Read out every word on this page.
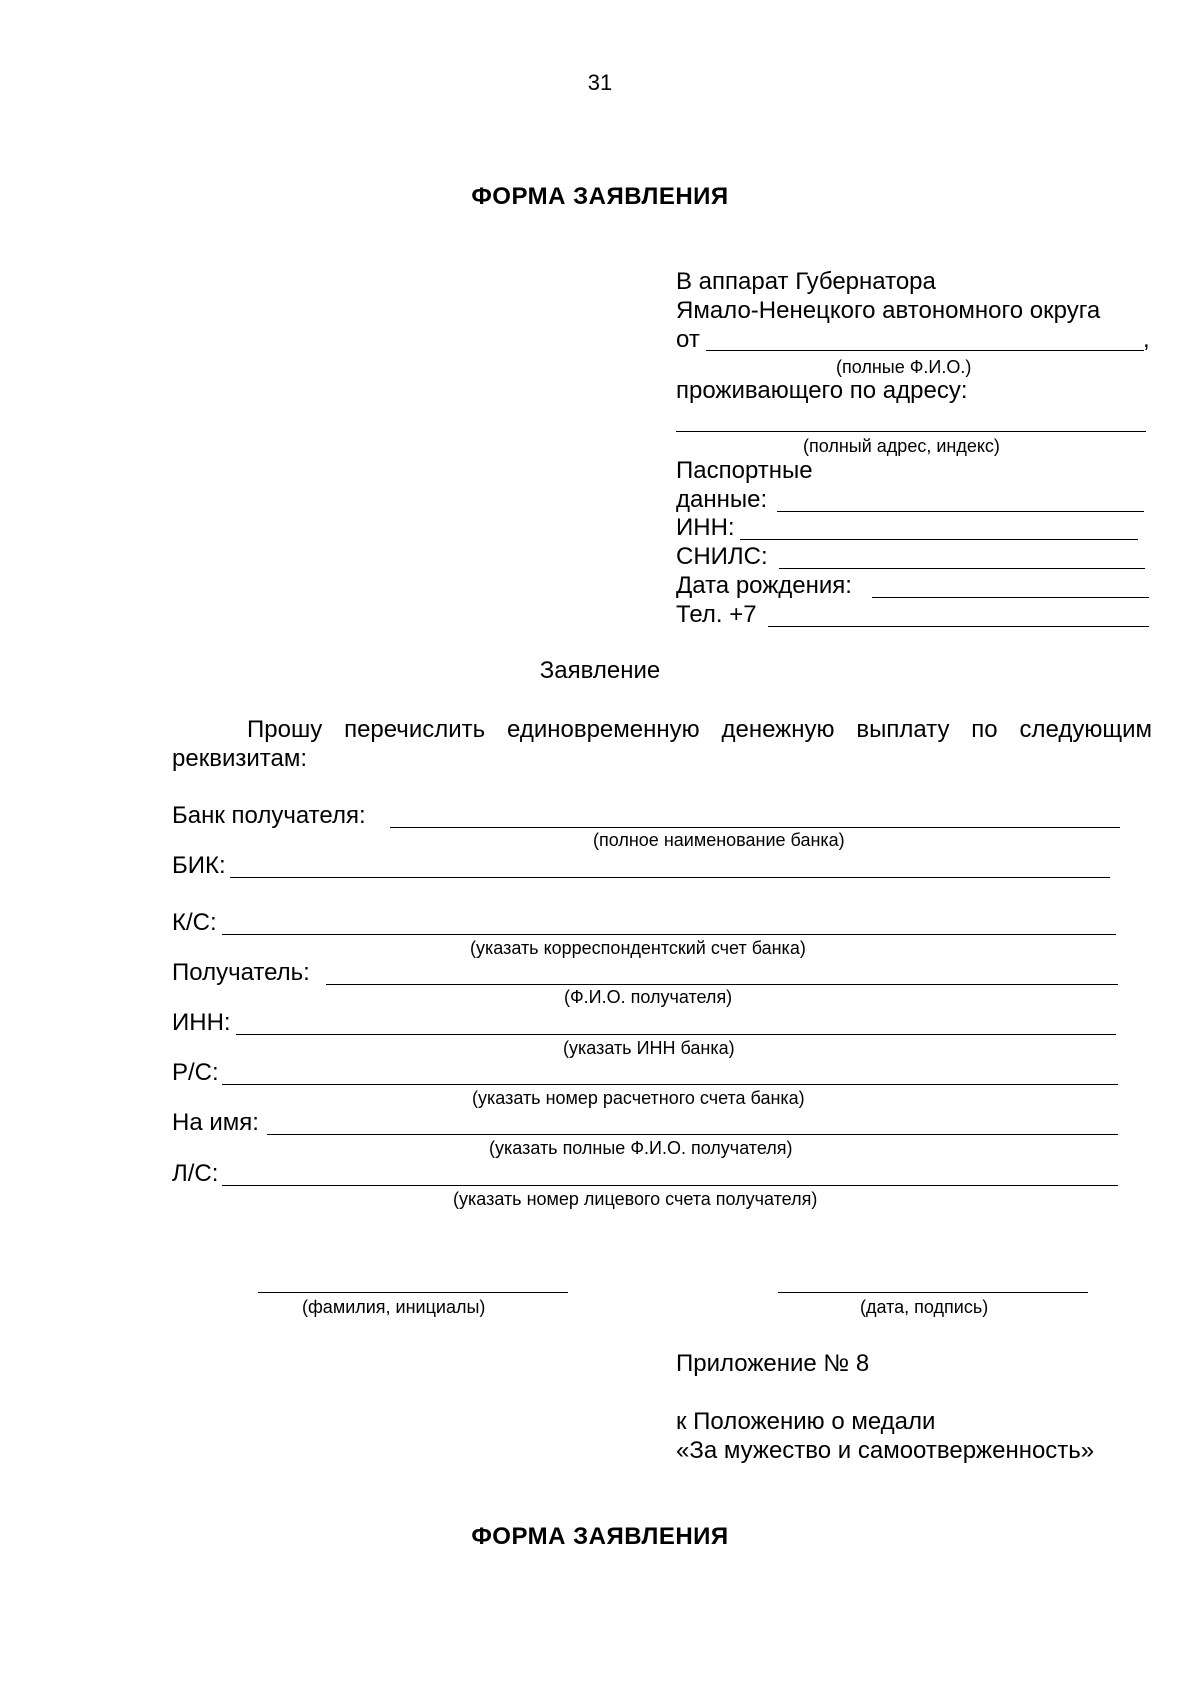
31
ФОРМА ЗАЯВЛЕНИЯ
В аппарат Губернатора
Ямало-Ненецкого автономного округа
от	,
(полные Ф.И.О.)
проживающего по адресу:
(полный адрес, индекс)
Паспортные
данные:
ИНН:
СНИЛС:
Дата рождения:
Тел. +7
Заявление
Прошу перечислить единовременную денежную выплату по следующим реквизитам:
Банк получателя:
(полное наименование банка)
БИК:
К/С:
(указать корреспондентский счет банка)
Получатель:
(Ф.И.О. получателя)
ИНН:
(указать ИНН банка)
Р/С:
(указать номер расчетного счета банка)
На имя:
(указать полные Ф.И.О. получателя)
Л/С:
(указать номер лицевого счета получателя)
(фамилия, инициалы)	(дата, подпись)
Приложение № 8
к Положению о медали
«За мужество и самоотверженность»
ФОРМА ЗАЯВЛЕНИЯ
